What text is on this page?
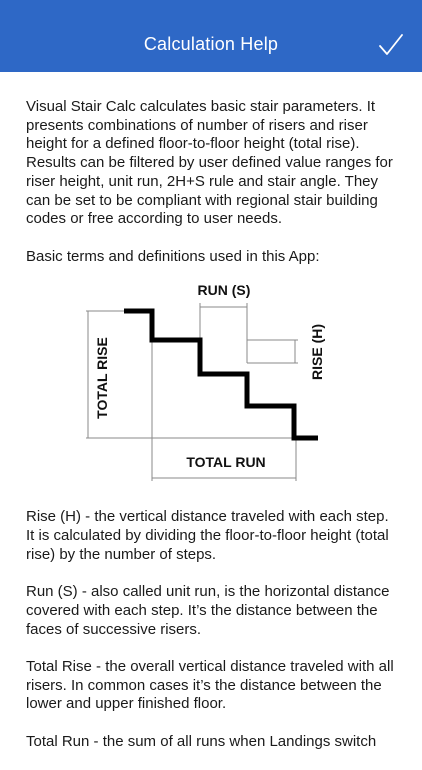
Calculation Help

Visual Stair Calc calculates basic stair parameters. It presents combinations of number of risers and riser height for a defined floor-to-floor height (total rise). Results can be filtered by user defined value ranges for riser height, unit run, 2H+S rule and stair angle. They can be set to be compliant with regional stair building codes or free according to user needs.

Basic terms and definitions used in this App:

RUN (S)
TOTAL RUN
TOTAL RISE	RISE (H)

Rise (H) - the vertical distance traveled with each step. It is calculated by dividing the floor-to-floor height (total rise) by the number of steps.

Run (S) - also called unit run, is the horizontal distance covered with each step. It’s the distance between the faces of successive risers.

Total Rise - the overall vertical distance traveled with all risers. In common cases it’s the distance between the lower and upper finished floor.

Total Run - the sum of all runs when Landings switch
